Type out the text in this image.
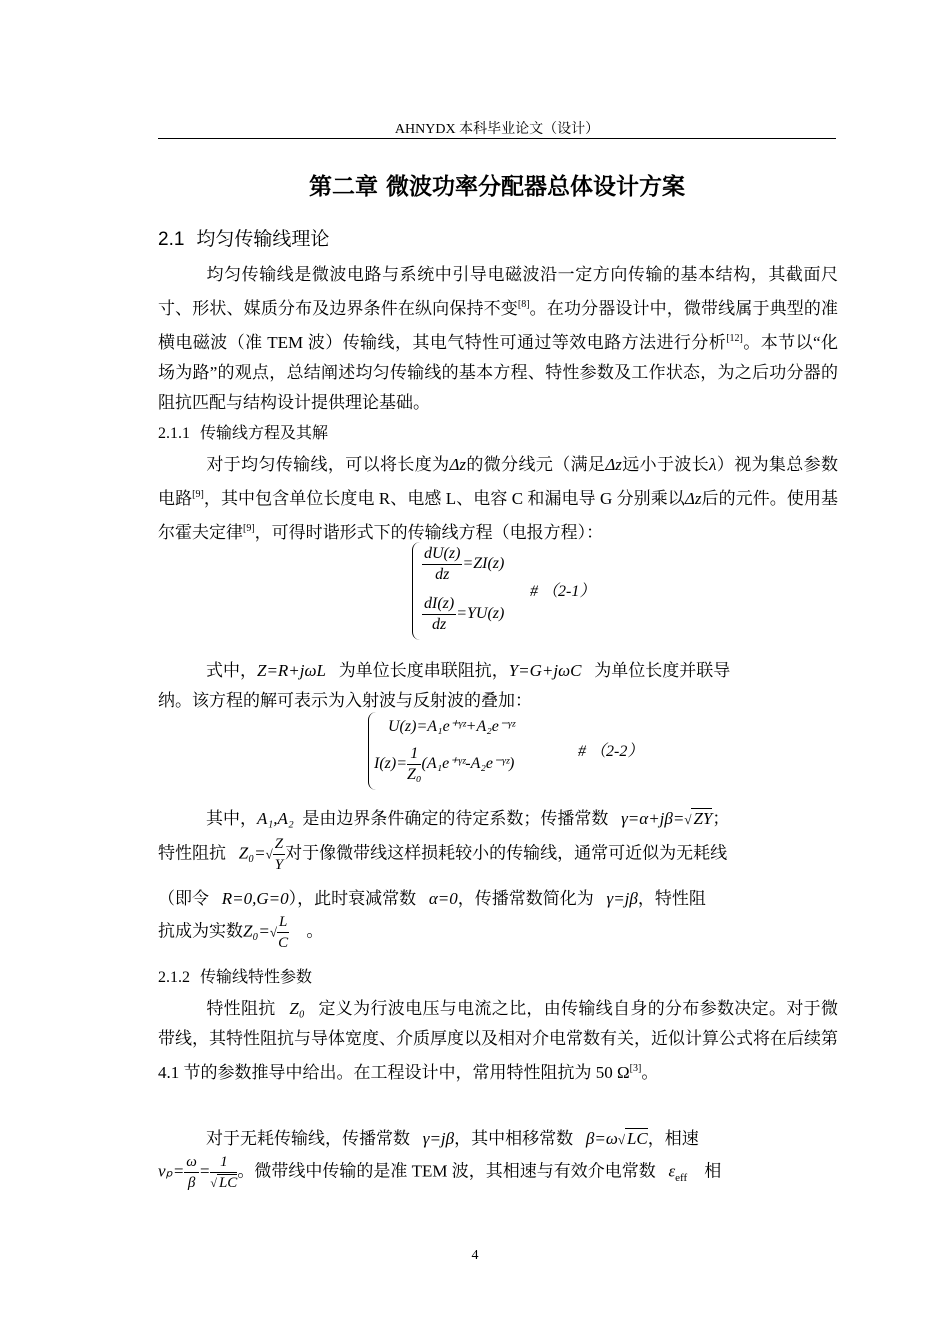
AHNYDX 本科毕业论文（设计）
第二章 微波功率分配器总体设计方案
2.1 均匀传输线理论
均匀传输线是微波电路与系统中引导电磁波沿一定方向传输的基本结构，其截面尺寸、形状、媒质分布及边界条件在纵向保持不变[8]。在功分器设计中，微带线属于典型的准横电磁波（准 TEM 波）传输线，其电气特性可通过等效电路方法进行分析[12]。本节以“化场为路”的观点，总结阐述均匀传输线的基本方程、特性参数及工作状态，为之后功分器的阻抗匹配与结构设计提供理论基础。
2.1.1 传输线方程及其解
对于均匀传输线，可以将长度为Δz的微分线元（满足Δz远小于波长λ）视为集总参数电路[9]，其中包含单位长度电 R、电感 L、电容 C 和漏电导 G 分别乘以Δz后的元件。使用基尔霍夫定律[9]，可得时谐形式下的传输线方程（电报方程）：
$\frac{dU(z)}{dz} =ZI(z)$
$\frac{dI(z)}{dz} =YU(z)$
# （2-1）
式中，Z=R+jωL 为单位长度串联阻抗，Y=G+jωC 为单位长度并联导
纳。该方程的解可表示为入射波与反射波的叠加：
U(z)=A₁e⁺ᵞᶻ+A₂e⁻ᵞᶻ
$I(z)= \frac{1}{\text{Z₀}}$ (A₁e⁺ᵞᶻ-A₂e⁻ᵞᶻ)
# （2-2）
其中，A₁,A₂ 是由边界条件确定的待定系数；传播常数 γ=α+jβ=√ ZY；
特性阻抗 $Z_0=√ \frac{Z}{Y}$ 对于像微带线这样损耗较小的传输线，通常可近似为无耗线
（即令 R=0,G=0），此时衰减常数 α=0，传播常数简化为 γ=jβ，特性阻
抗成为实数$Z_0=√ \frac{L}{C}$ 。
2.1.2 传输线特性参数
特性阻抗 Z₀ 定义为行波电压与电流之比，由传输线自身的分布参数决定。对于微带线，其特性阻抗与导体宽度、介质厚度以及相对介电常数有关，近似计算公式将在后续第 4.1 节的参数推导中给出。在工程设计中，常用特性阻抗为 50 Ω[3]。
对于无耗传输线，传播常数 γ=jβ，其中相移常数 β=ω√ LC，相速
$v_p= \frac{\omega}{\beta} = \frac{1}{√ LC}$ 。微带线中传输的是准 TEM 波，其相速与有效介电常数 $\varepsilon_{eff}$ 相
4
